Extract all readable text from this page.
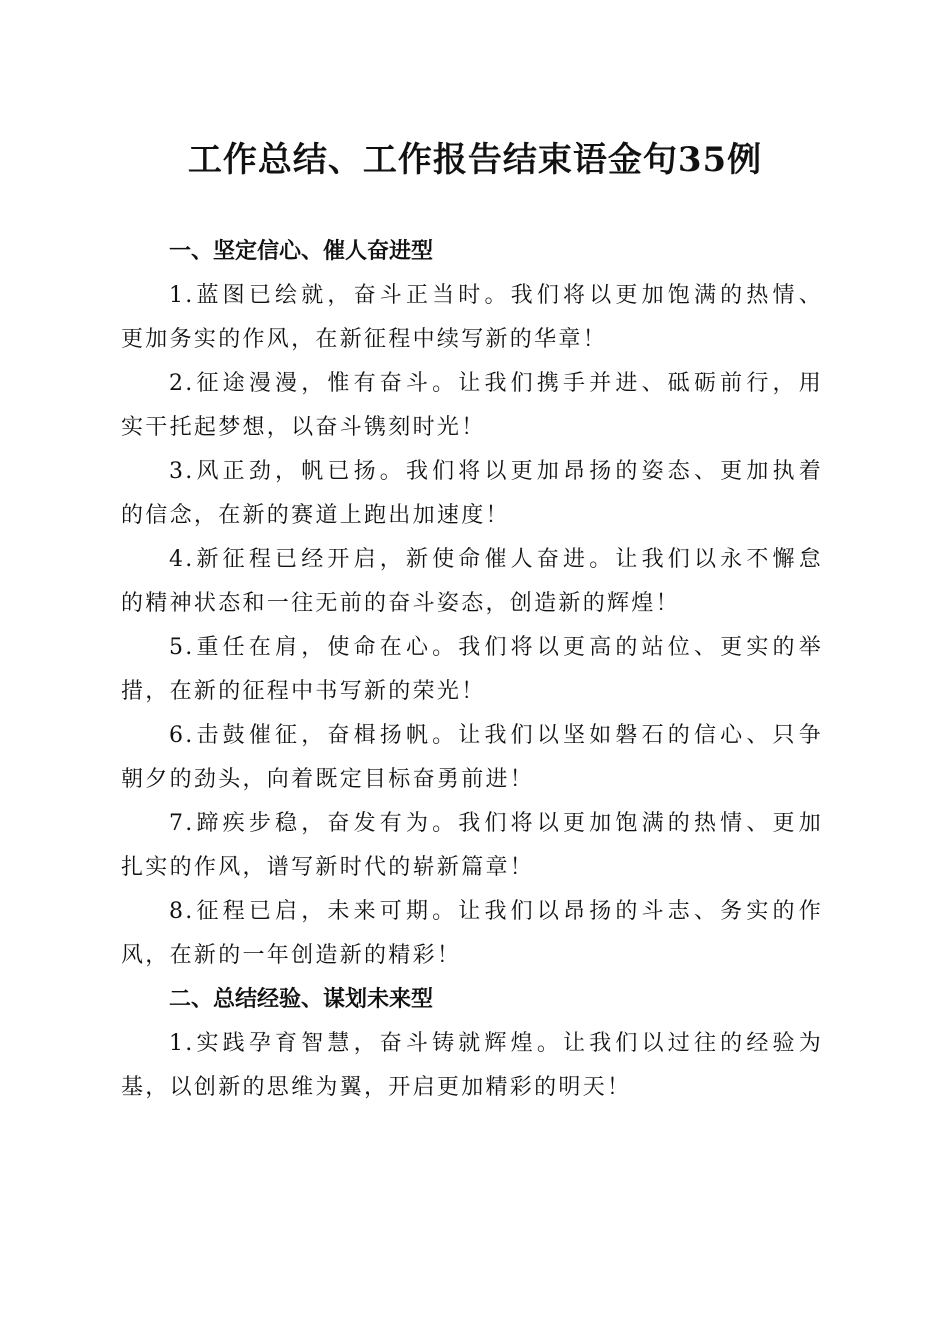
工作总结、工作报告结束语金句35例
一、坚定信心、催人奋进型

1.蓝图已绘就，奋斗正当时。我们将以更加饱满的热情、
更加务实的作风，在新征程中续写新的华章！

2.征途漫漫，惟有奋斗。让我们携手并进、砥砺前行，用
实干托起梦想，以奋斗镌刻时光！

3.风正劲，帆已扬。我们将以更加昂扬的姿态、更加执着
的信念，在新的赛道上跑出加速度！

4.新征程已经开启，新使命催人奋进。让我们以永不懈怠
的精神状态和一往无前的奋斗姿态，创造新的辉煌！

5.重任在肩，使命在心。我们将以更高的站位、更实的举
措，在新的征程中书写新的荣光！

6.击鼓催征，奋楫扬帆。让我们以坚如磐石的信心、只争
朝夕的劲头，向着既定目标奋勇前进！

7.蹄疾步稳，奋发有为。我们将以更加饱满的热情、更加
扎实的作风，谱写新时代的崭新篇章！

8.征程已启，未来可期。让我们以昂扬的斗志、务实的作
风，在新的一年创造新的精彩！

二、总结经验、谋划未来型

1.实践孕育智慧，奋斗铸就辉煌。让我们以过往的经验为
基，以创新的思维为翼，开启更加精彩的明天！
